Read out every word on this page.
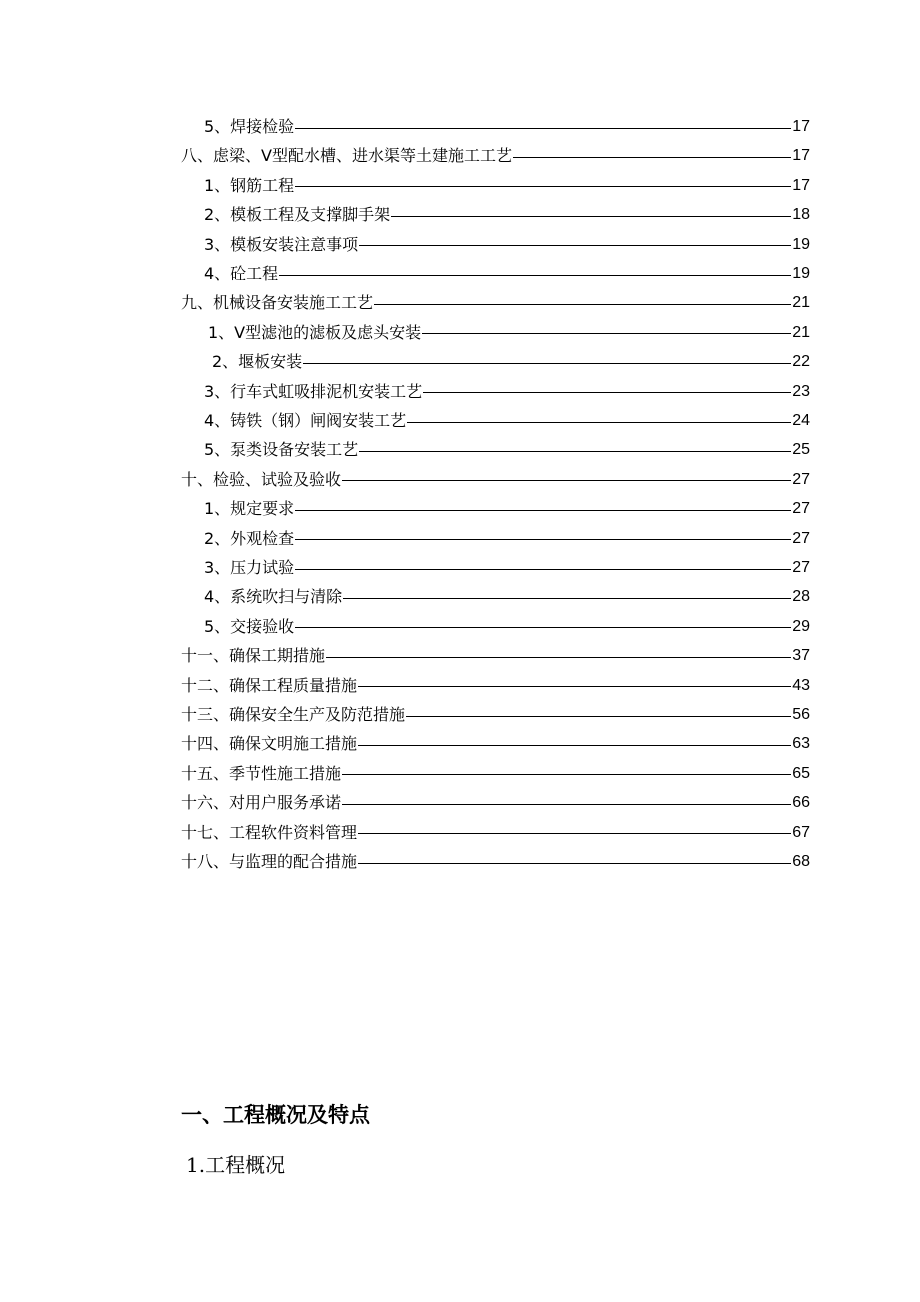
5、焊接检验	17
八、虑梁、V型配水槽、进水渠等土建施工工艺	17
1、钢筋工程	17
2、模板工程及支撑脚手架	18
3、模板安装注意事项	19
4、砼工程	19
九、机械设备安装施工工艺	21
1、V型滤池的滤板及虑头安装	21
2、堰板安装	22
3、行车式虹吸排泥机安装工艺	23
4、铸铁（钢）闸阀安装工艺	24
5、泵类设备安装工艺	25
十、检验、试验及验收	27
1、规定要求	27
2、外观检查	27
3、压力试验	27
4、系统吹扫与清除	28
5、交接验收	29
十一、确保工期措施	37
十二、确保工程质量措施	43
十三、确保安全生产及防范措施	56
十四、确保文明施工措施	63
十五、季节性施工措施	65
十六、对用户服务承诺	66
十七、工程软件资料管理	67
十八、与监理的配合措施	68
一、工程概况及特点
1.工程概况
